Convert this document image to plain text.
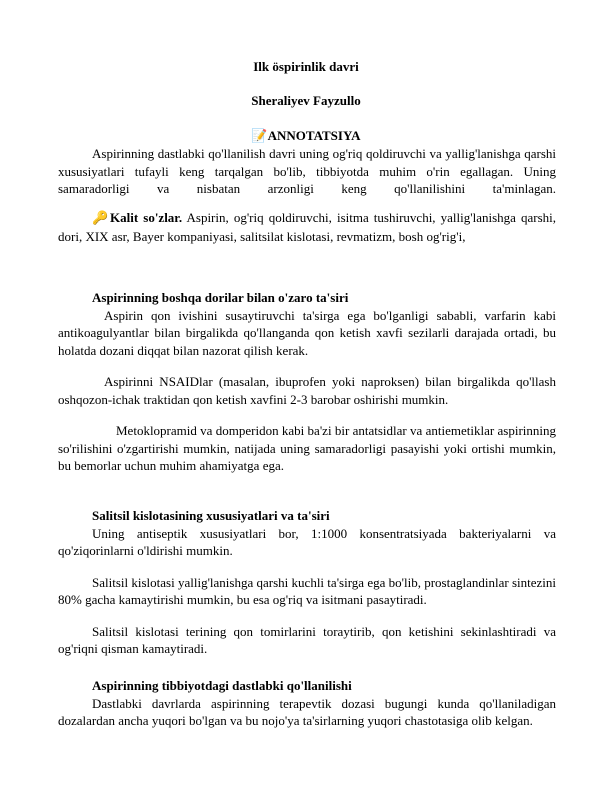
Ilk ösрirinlik davri
Sheraliyev Fayzullo
📝ANNOTATSIYA

Aspirinning dastlabki qo'llanilish davri uning og'riq qoldiruvchi va yallig'lanishga qarshi xususiyatlari tufayli keng tarqalgan bo'lib, tibbiyotda muhim o'rin egallagan. Uning samaradorligi va nisbatan arzonligi keng qo'llanilishini ta'minlagan.

🔑Kalit so'zlar. Aspirin, og'riq qoldiruvchi, isitma tushiruvchi, yallig'lanishga qarshi, dori, XIX asr, Bayer kompaniyasi, salitsilat kislotasi, revmatizm, bosh og'rig'i,

Aspirinning boshqa dorilar bilan o'zaro ta'siri

Aspirin qon ivishini susaytiruvchi ta'sirga ega bo'lganligi sababli, varfarin kabi antikoagulyantlar bilan birgalikda qo'llanganda qon ketish xavfi sezilarli darajada ortadi, bu holatda dozani diqqat bilan nazorat qilish kerak.

Aspirinni NSAIDlar (masalan, ibuprofen yoki naproksen) bilan birgalikda qo'llash oshqozon-ichak traktidan qon ketish xavfini 2-3 barobar oshirishi mumkin.

Metoklopramid va domperidon kabi ba'zi bir antatsidlar va antiemetiklar aspirinning so'rilishini o'zgartirishi mumkin, natijada uning samaradorligi pasayishi yoki ortishi mumkin, bu bemorlar uchun muhim ahamiyatga ega.

Salitsil kislotasining xususiyatlari va ta'siri

Uning antiseptik xususiyatlari bor, 1:1000 konsentratsiyada bakteriyalarni va qo'ziqorinlarni o'ldirishi mumkin.

Salitsil kislotasi yallig'lanishga qarshi kuchli ta'sirga ega bo'lib, prostaglandinlar sintezini 80% gacha kamaytirishi mumkin, bu esa og'riq va isitmani pasaytiradi.

Salitsil kislotasi terining qon tomirlarini toraytirib, qon ketishini sekinlashtiradi va og'riqni qisman kamaytiradi.

Aspirinning tibbiyotdagi dastlabki qo'llanilishi

Dastlabki davrlarda aspirinning terapevtik dozasi bugungi kunda qo'llaniladigan dozalardan ancha yuqori bo'lgan va bu nojo'ya ta'sirlarning yuqori chastotasiga olib kelgan.
